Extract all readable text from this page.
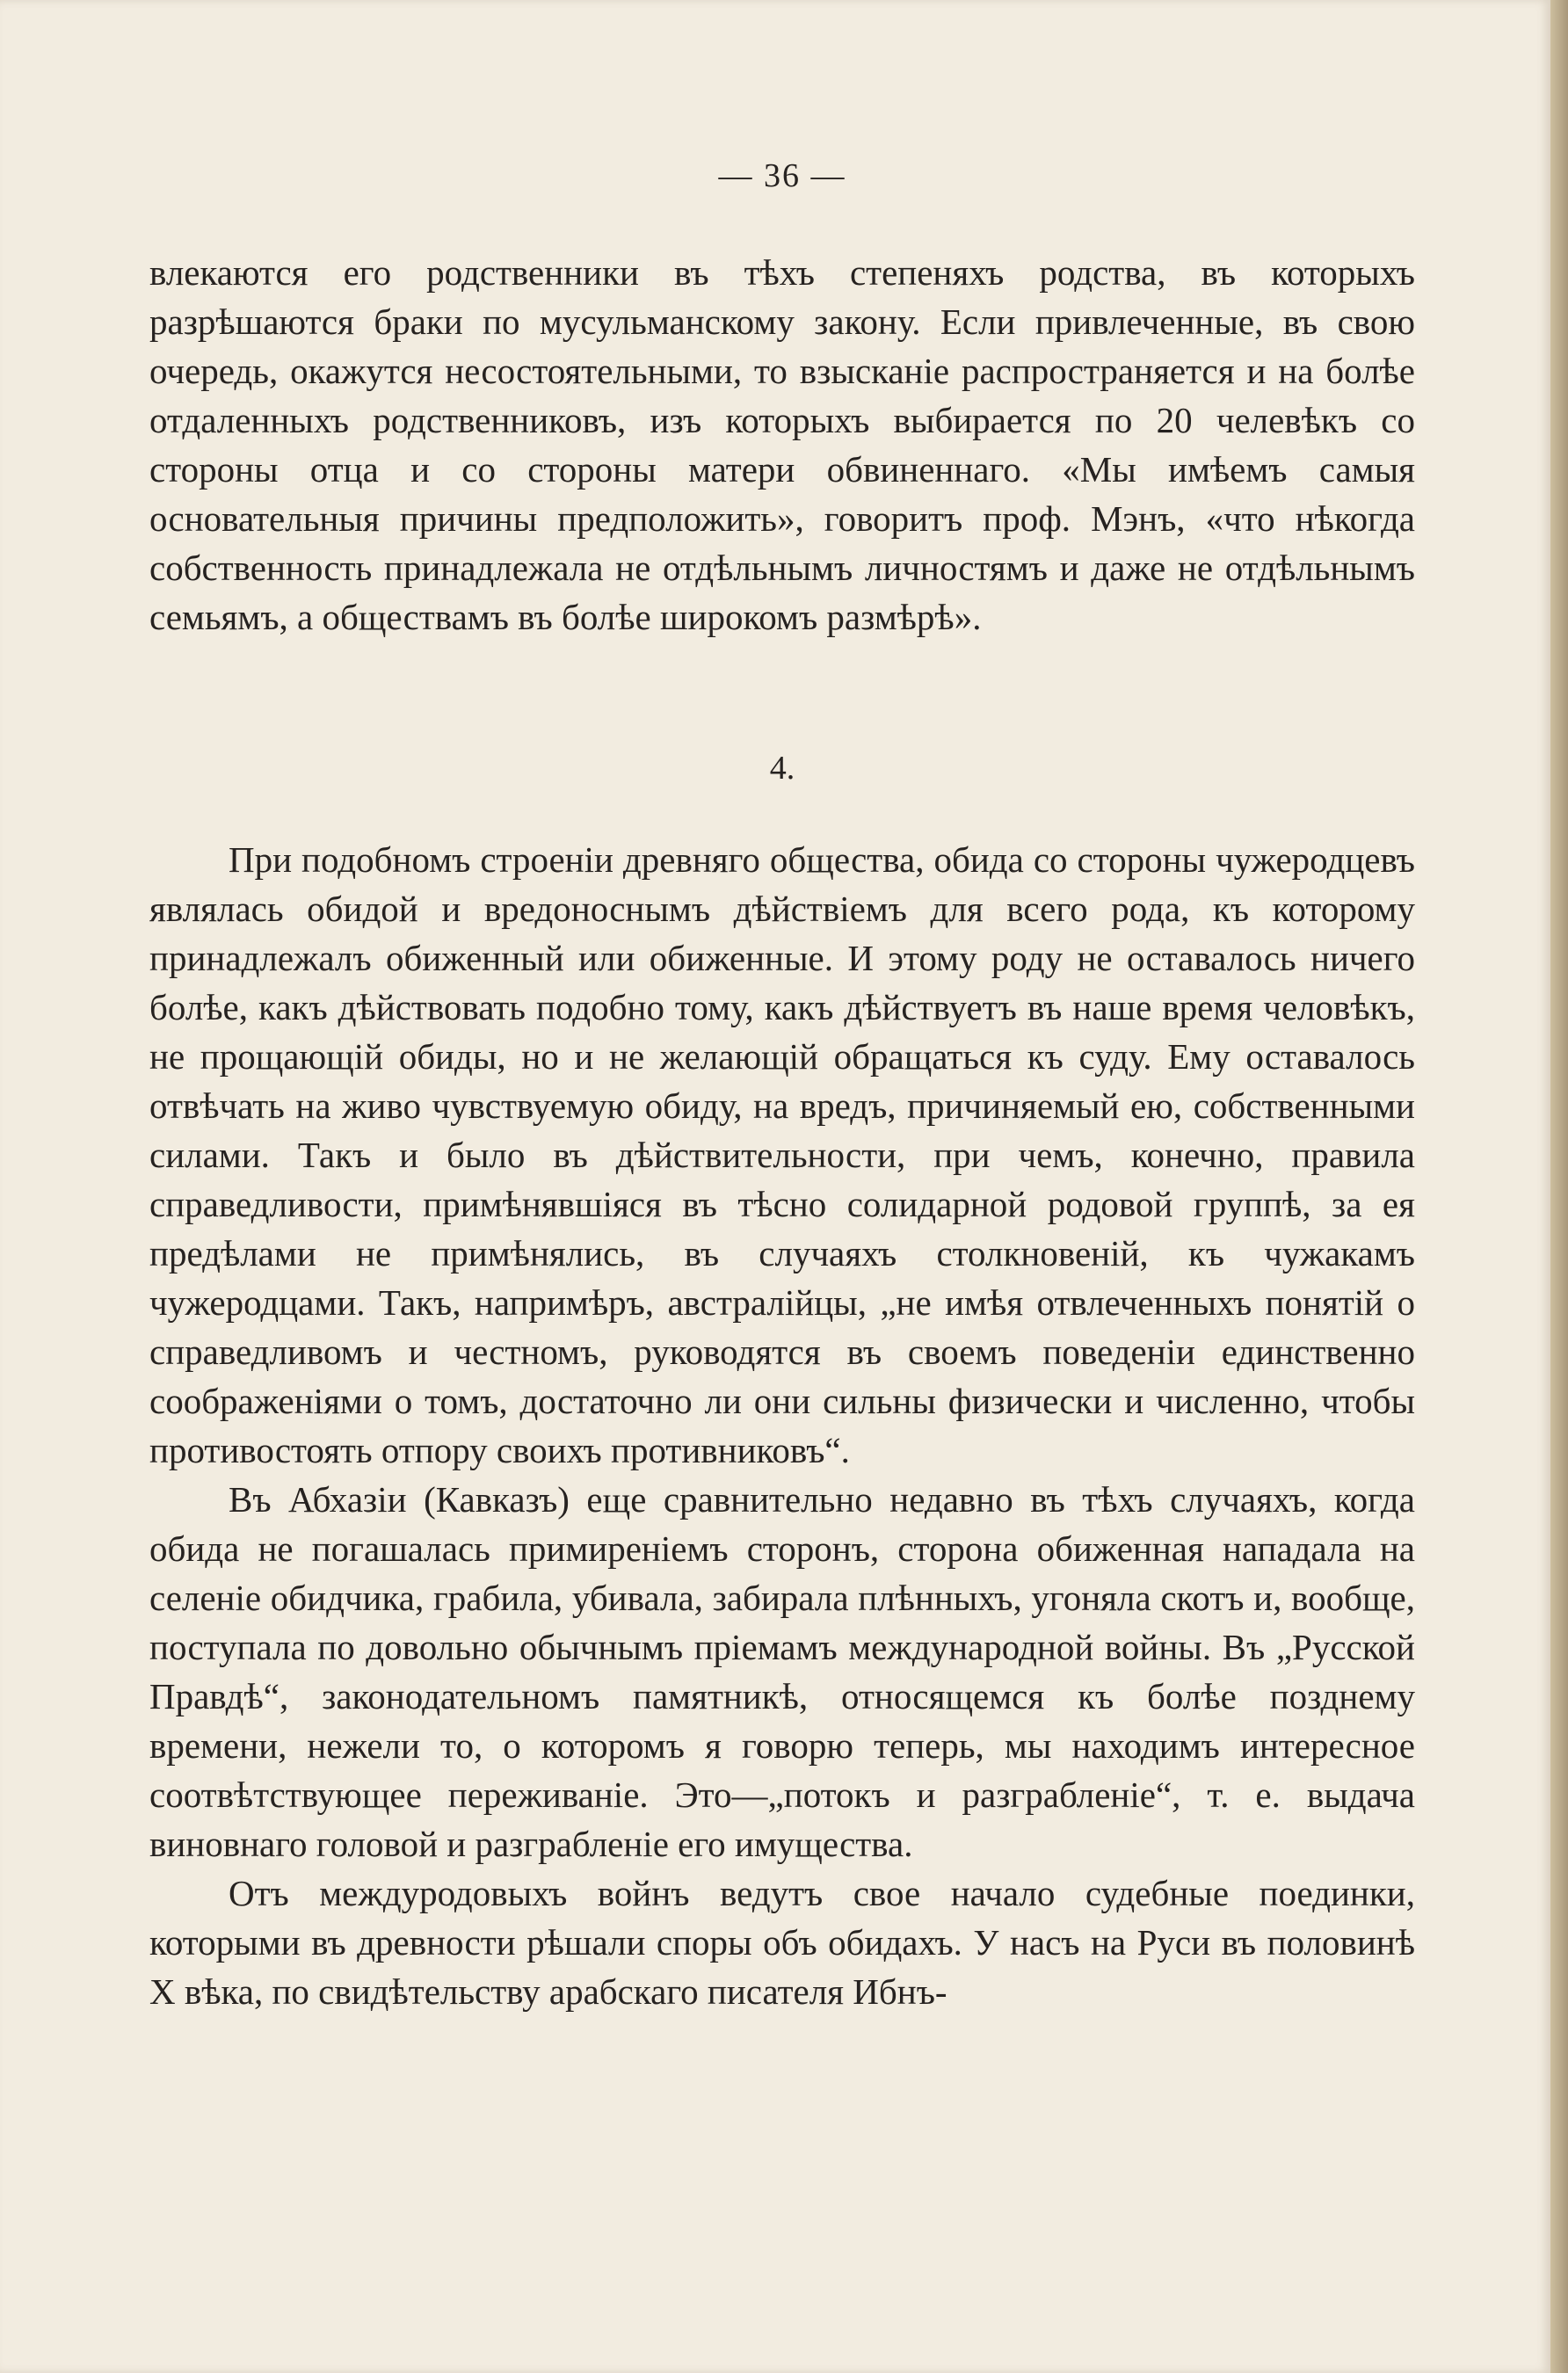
— 36 —

влекаются его родственники въ тѣхъ степеняхъ родства, въ которыхъ разрѣшаются браки по мусульманскому закону. Если привлеченные, въ свою очередь, окажутся несостоятельными, то взысканіе распространяется и на болѣе отдаленныхъ родственниковъ, изъ которыхъ выбирается по 20 челевѣкъ со стороны отца и со стороны матери обвиненнаго. «Мы имѣемъ самыя основательныя причины предположить», говоритъ проф. Мэнъ, «что нѣкогда собственность принадлежала не отдѣльнымъ личностямъ и даже не отдѣльнымъ семьямъ, а обществамъ въ болѣе широкомъ размѣрѣ».

4.

При подобномъ строеніи древняго общества, обида со стороны чужеродцевъ являлась обидой и вредоноснымъ дѣйствіемъ для всего рода, къ которому принадлежалъ обиженный или обиженные. И этому роду не оставалось ничего болѣе, какъ дѣйствовать подобно тому, какъ дѣйствуетъ въ наше время человѣкъ, не прощающій обиды, но и не желающій обращаться къ суду. Ему оставалось отвѣчать на живо чувствуемую обиду, на вредъ, причиняемый ею, собственными силами. Такъ и было въ дѣйствительности, при чемъ, конечно, правила справедливости, примѣнявшіяся въ тѣсно солидарной родовой группѣ, за ея предѣлами не примѣнялись, въ случаяхъ столкновеній, къ чужакамъ чужеродцами. Такъ, напримѣръ, австралійцы, „не имѣя отвлеченныхъ понятій о справедливомъ и честномъ, руководятся въ своемъ поведеніи единственно соображеніями о томъ, достаточно ли они сильны физически и численно, чтобы противостоять отпору своихъ противниковъ“.

Въ Абхазіи (Кавказъ) еще сравнительно недавно въ тѣхъ случаяхъ, когда обида не погашалась примиреніемъ сторонъ, сторона обиженная нападала на селеніе обидчика, грабила, убивала, забирала плѣнныхъ, угоняла скотъ и, вообще, поступала по довольно обычнымъ пріемамъ международной войны. Въ „Русской Правдѣ“, законодательномъ памятникѣ, относящемся къ болѣе позднему времени, нежели то, о которомъ я говорю теперь, мы находимъ интересное соотвѣтствующее переживаніе. Это—„потокъ и разграбленіе“, т. е. выдача виновнаго головой и разграбленіе его имущества.

Отъ междуродовыхъ войнъ ведутъ свое начало судебные поединки, которыми въ древности рѣшали споры объ обидахъ. У насъ на Руси въ половинѣ X вѣка, по свидѣтельству арабскаго писателя Ибнъ-
